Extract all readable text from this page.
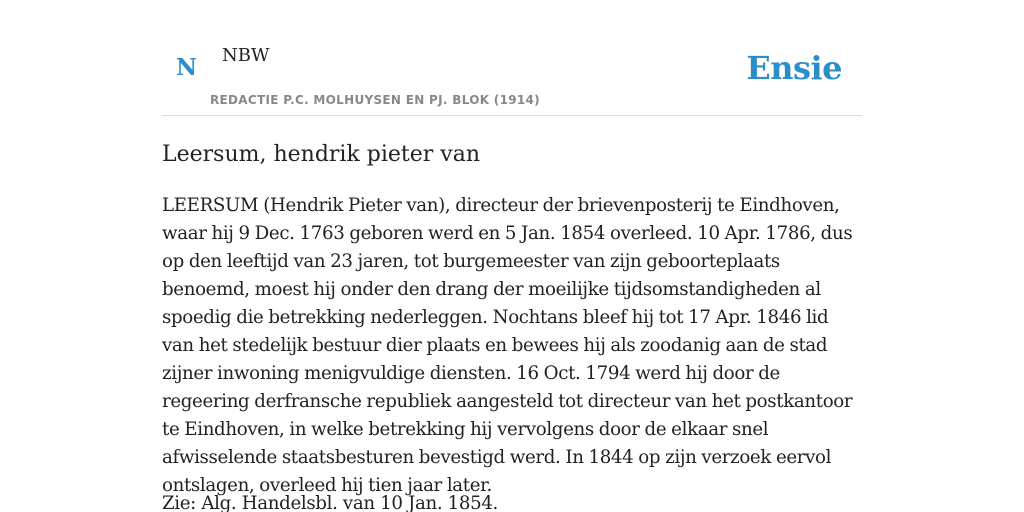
N NBW
REDACTIE P.C. MOLHUYSEN EN PJ. BLOK (1914)
Ensie
Leersum, hendrik pieter van

LEERSUM (Hendrik Pieter van), directeur der brievenposterij te Eindhoven, waar hij 9 Dec. 1763 geboren werd en 5 Jan. 1854 overleed. 10 Apr. 1786, dus op den leeftijd van 23 jaren, tot burgemeester van zijn geboorteplaats benoemd, moest hij onder den drang der moeilijke tijdsomstandigheden al spoedig die betrekking nederleggen. Nochtans bleef hij tot 17 Apr. 1846 lid van het stedelijk bestuur dier plaats en bewees hij als zoodanig aan de stad zijner inwoning menigvuldige diensten. 16 Oct. 1794 werd hij door de regeering derfransche republiek aangesteld tot directeur van het postkantoor te Eindhoven, in welke betrekking hij vervolgens door de elkaar snel afwisselende staatsbesturen bevestigd werd. In 1844 op zijn verzoek eervol ontslagen, overleed hij tien jaar later.

Zie: Alg. Handelsbl. van 10 Jan. 1854.
